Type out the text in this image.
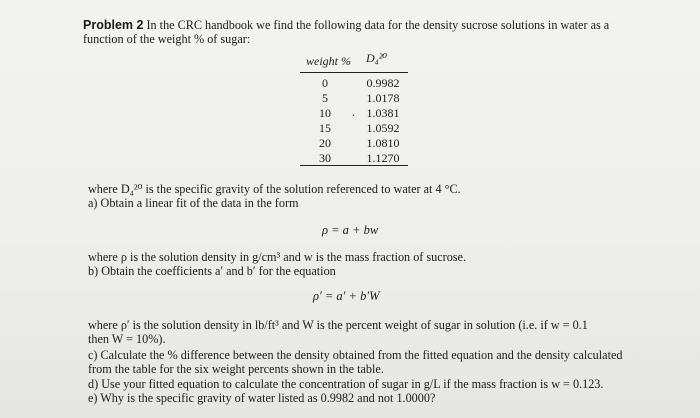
Problem 2 In the CRC handbook we find the following data for the density sucrose solutions in water as a

function of the weight % of sugar:

weight % D₄²⁰
0	0.9982
5	1.0178
10	. 1.0381
15	1.0592
20	1.0810
30	1.1270

where D₄²⁰ is the specific gravity of the solution referenced to water at 4 °C.

a) Obtain a linear fit of the data in the form

ρ = a + bw

where ρ is the solution density in g/cm³ and w is the mass fraction of sucrose.

b) Obtain the coefficients a′ and b′ for the equation

ρ′ = a′ + b′W

where ρ′ is the solution density in lb/ft³ and W is the percent weight of sugar in solution (i.e. if w = 0.1

then W = 10%).

c) Calculate the % difference between the density obtained from the fitted equation and the density calculated

from the table for the six weight percents shown in the table.

d) Use your fitted equation to calculate the concentration of sugar in g/L if the mass fraction is w = 0.123.

e) Why is the specific gravity of water listed as 0.9982 and not 1.0000?
